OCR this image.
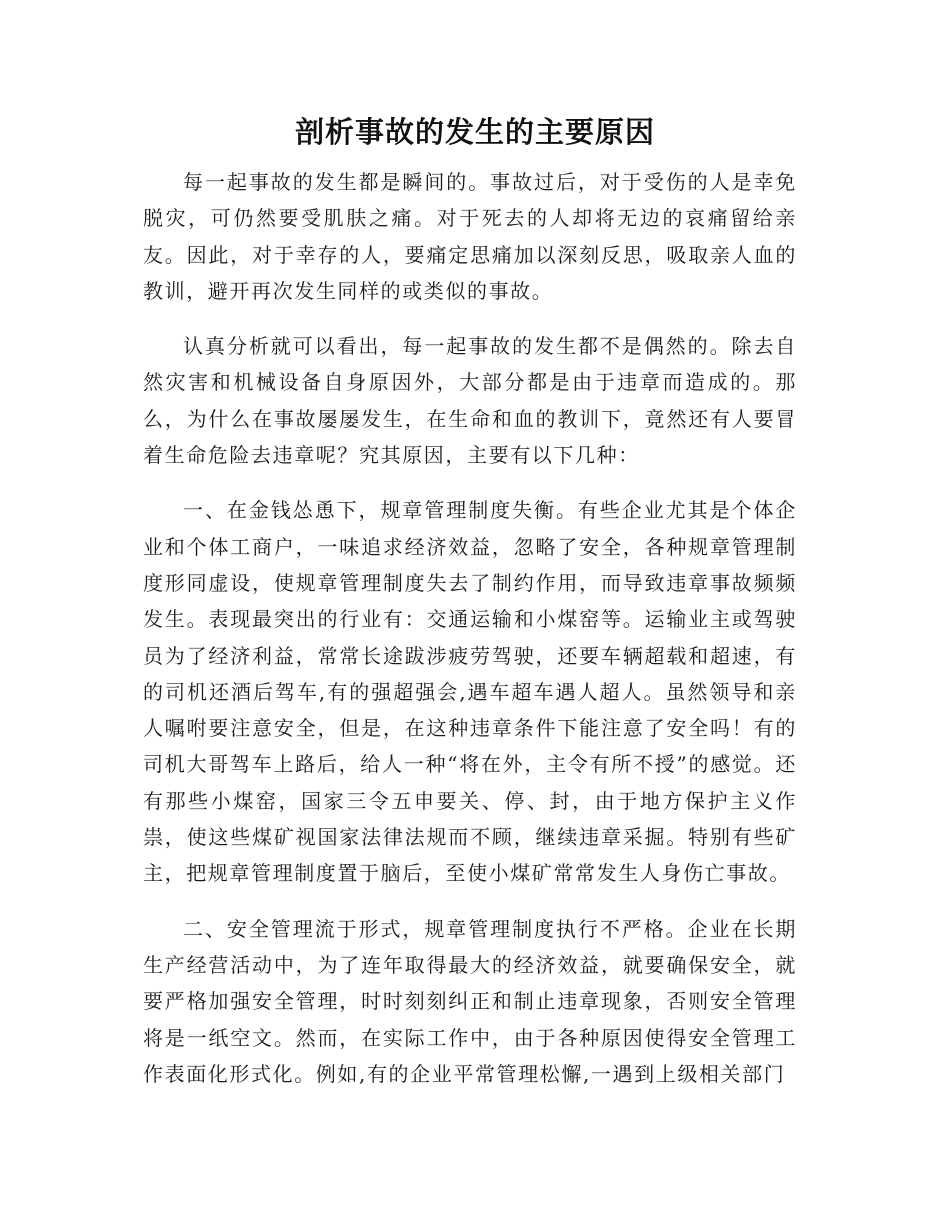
剖析事故的发生的主要原因

每一起事故的发生都是瞬间的。事故过后，对于受伤的人是幸免脱灾，可仍然要受肌肤之痛。对于死去的人却将无边的哀痛留给亲友。因此，对于幸存的人，要痛定思痛加以深刻反思，吸取亲人血的教训，避开再次发生同样的或类似的事故。

认真分析就可以看出，每一起事故的发生都不是偶然的。除去自然灾害和机械设备自身原因外，大部分都是由于违章而造成的。那么，为什么在事故屡屡发生，在生命和血的教训下，竟然还有人要冒着生命危险去违章呢？究其原因，主要有以下几种：

一、在金钱怂恿下，规章管理制度失衡。有些企业尤其是个体企业和个体工商户，一味追求经济效益，忽略了安全，各种规章管理制度形同虚设，使规章管理制度失去了制约作用，而导致违章事故频频发生。表现最突出的行业有：交通运输和小煤窑等。运输业主或驾驶员为了经济利益，常常长途跋涉疲劳驾驶，还要车辆超载和超速，有的司机还酒后驾车,有的强超强会,遇车超车遇人超人。虽然领导和亲人嘱咐要注意安全，但是，在这种违章条件下能注意了安全吗！有的司机大哥驾车上路后，给人一种“将在外，主令有所不授”的感觉。还有那些小煤窑，国家三令五申要关、停、封，由于地方保护主义作祟，使这些煤矿视国家法律法规而不顾，继续违章采掘。特别有些矿主，把规章管理制度置于脑后，至使小煤矿常常发生人身伤亡事故。

二、安全管理流于形式，规章管理制度执行不严格。企业在长期生产经营活动中，为了连年取得最大的经济效益，就要确保安全，就要严格加强安全管理，时时刻刻纠正和制止违章现象，否则安全管理将是一纸空文。然而，在实际工作中，由于各种原因使得安全管理工作表面化形式化。例如,有的企业平常管理松懈,一遇到上级相关部门
